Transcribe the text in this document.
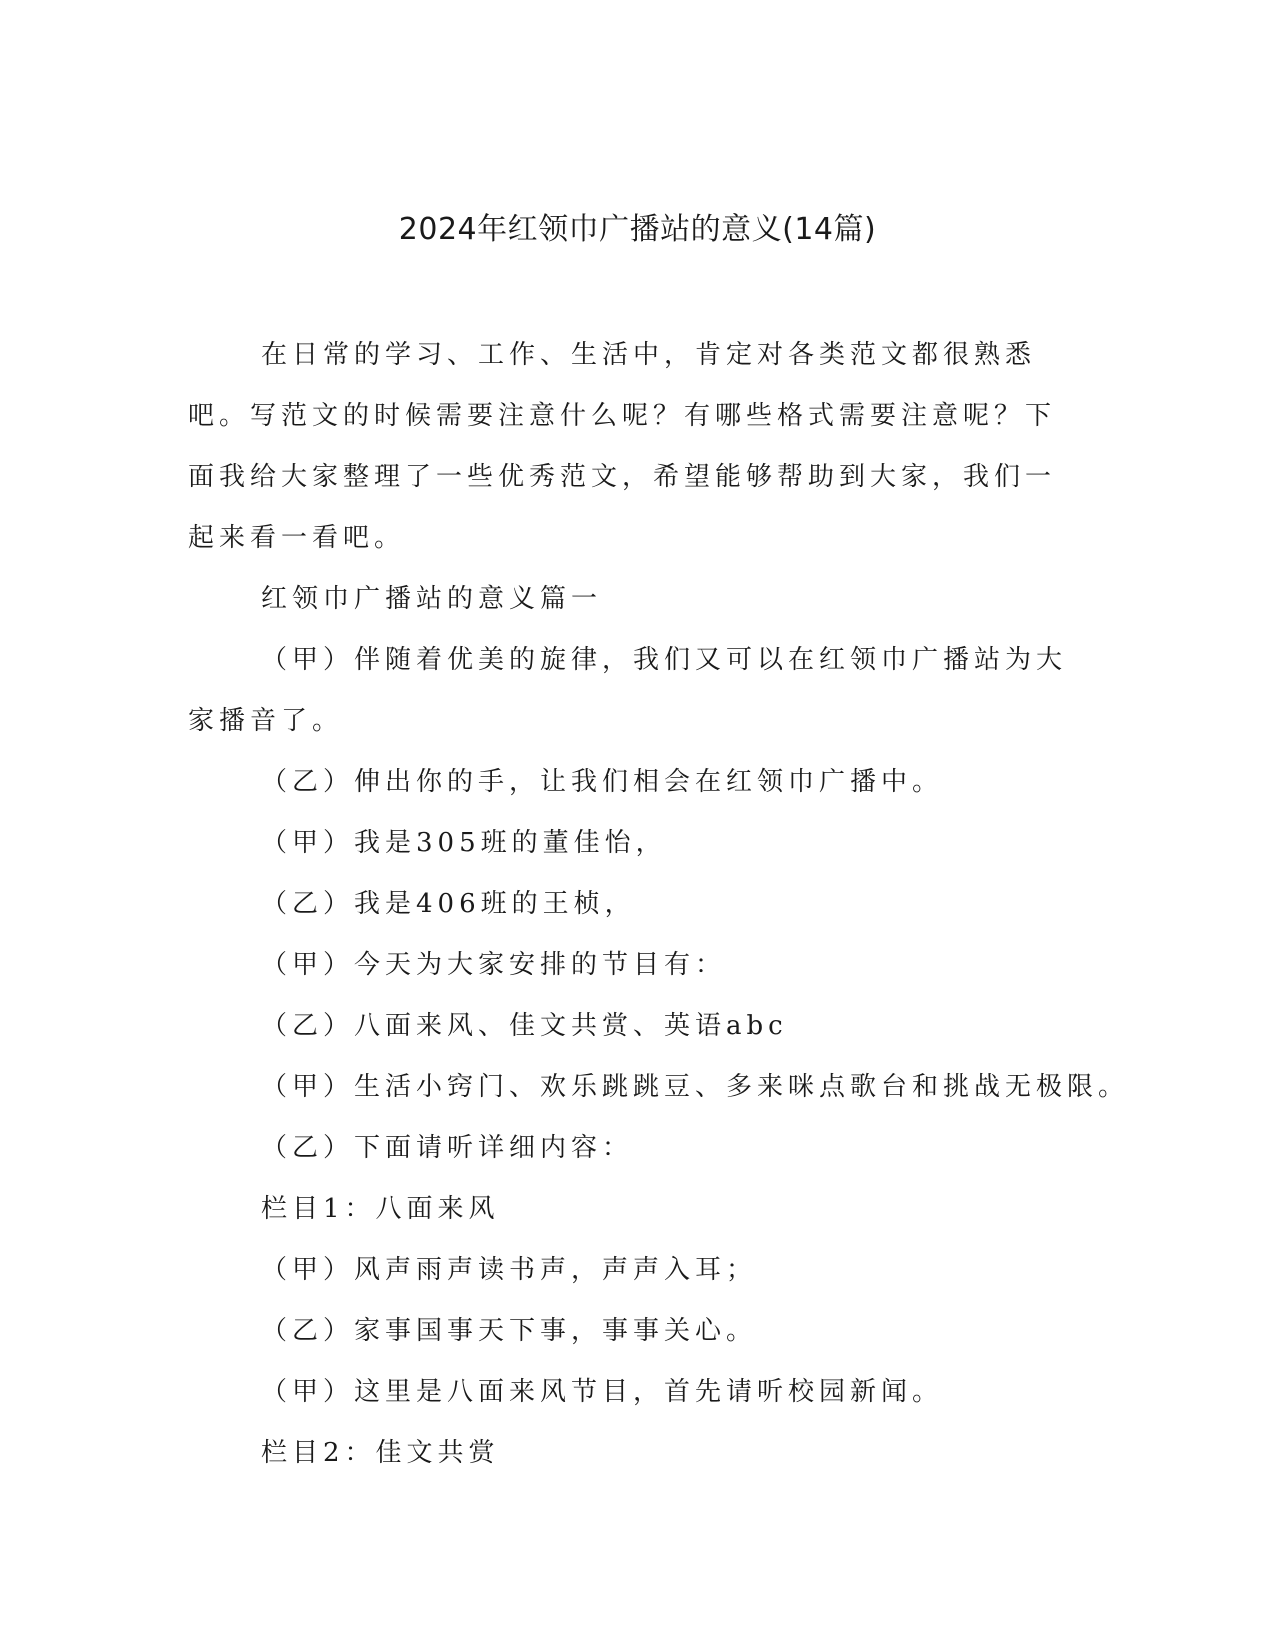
2024年红领巾广播站的意义(14篇)

在日常的学习、工作、生活中，肯定对各类范文都很熟悉吧。写范文的时候需要注意什么呢？有哪些格式需要注意呢？下面我给大家整理了一些优秀范文，希望能够帮助到大家，我们一起来看一看吧。

红领巾广播站的意义篇一

（甲）伴随着优美的旋律，我们又可以在红领巾广播站为大家播音了。

（乙）伸出你的手，让我们相会在红领巾广播中。

（甲）我是305班的董佳怡，

（乙）我是406班的王桢，

（甲）今天为大家安排的节目有：

（乙）八面来风、佳文共赏、英语abc

（甲）生活小窍门、欢乐跳跳豆、多来咪点歌台和挑战无极限。

（乙）下面请听详细内容：

栏目1：八面来风

（甲）风声雨声读书声，声声入耳；

（乙）家事国事天下事，事事关心。

（甲）这里是八面来风节目，首先请听校园新闻。

栏目2：佳文共赏
